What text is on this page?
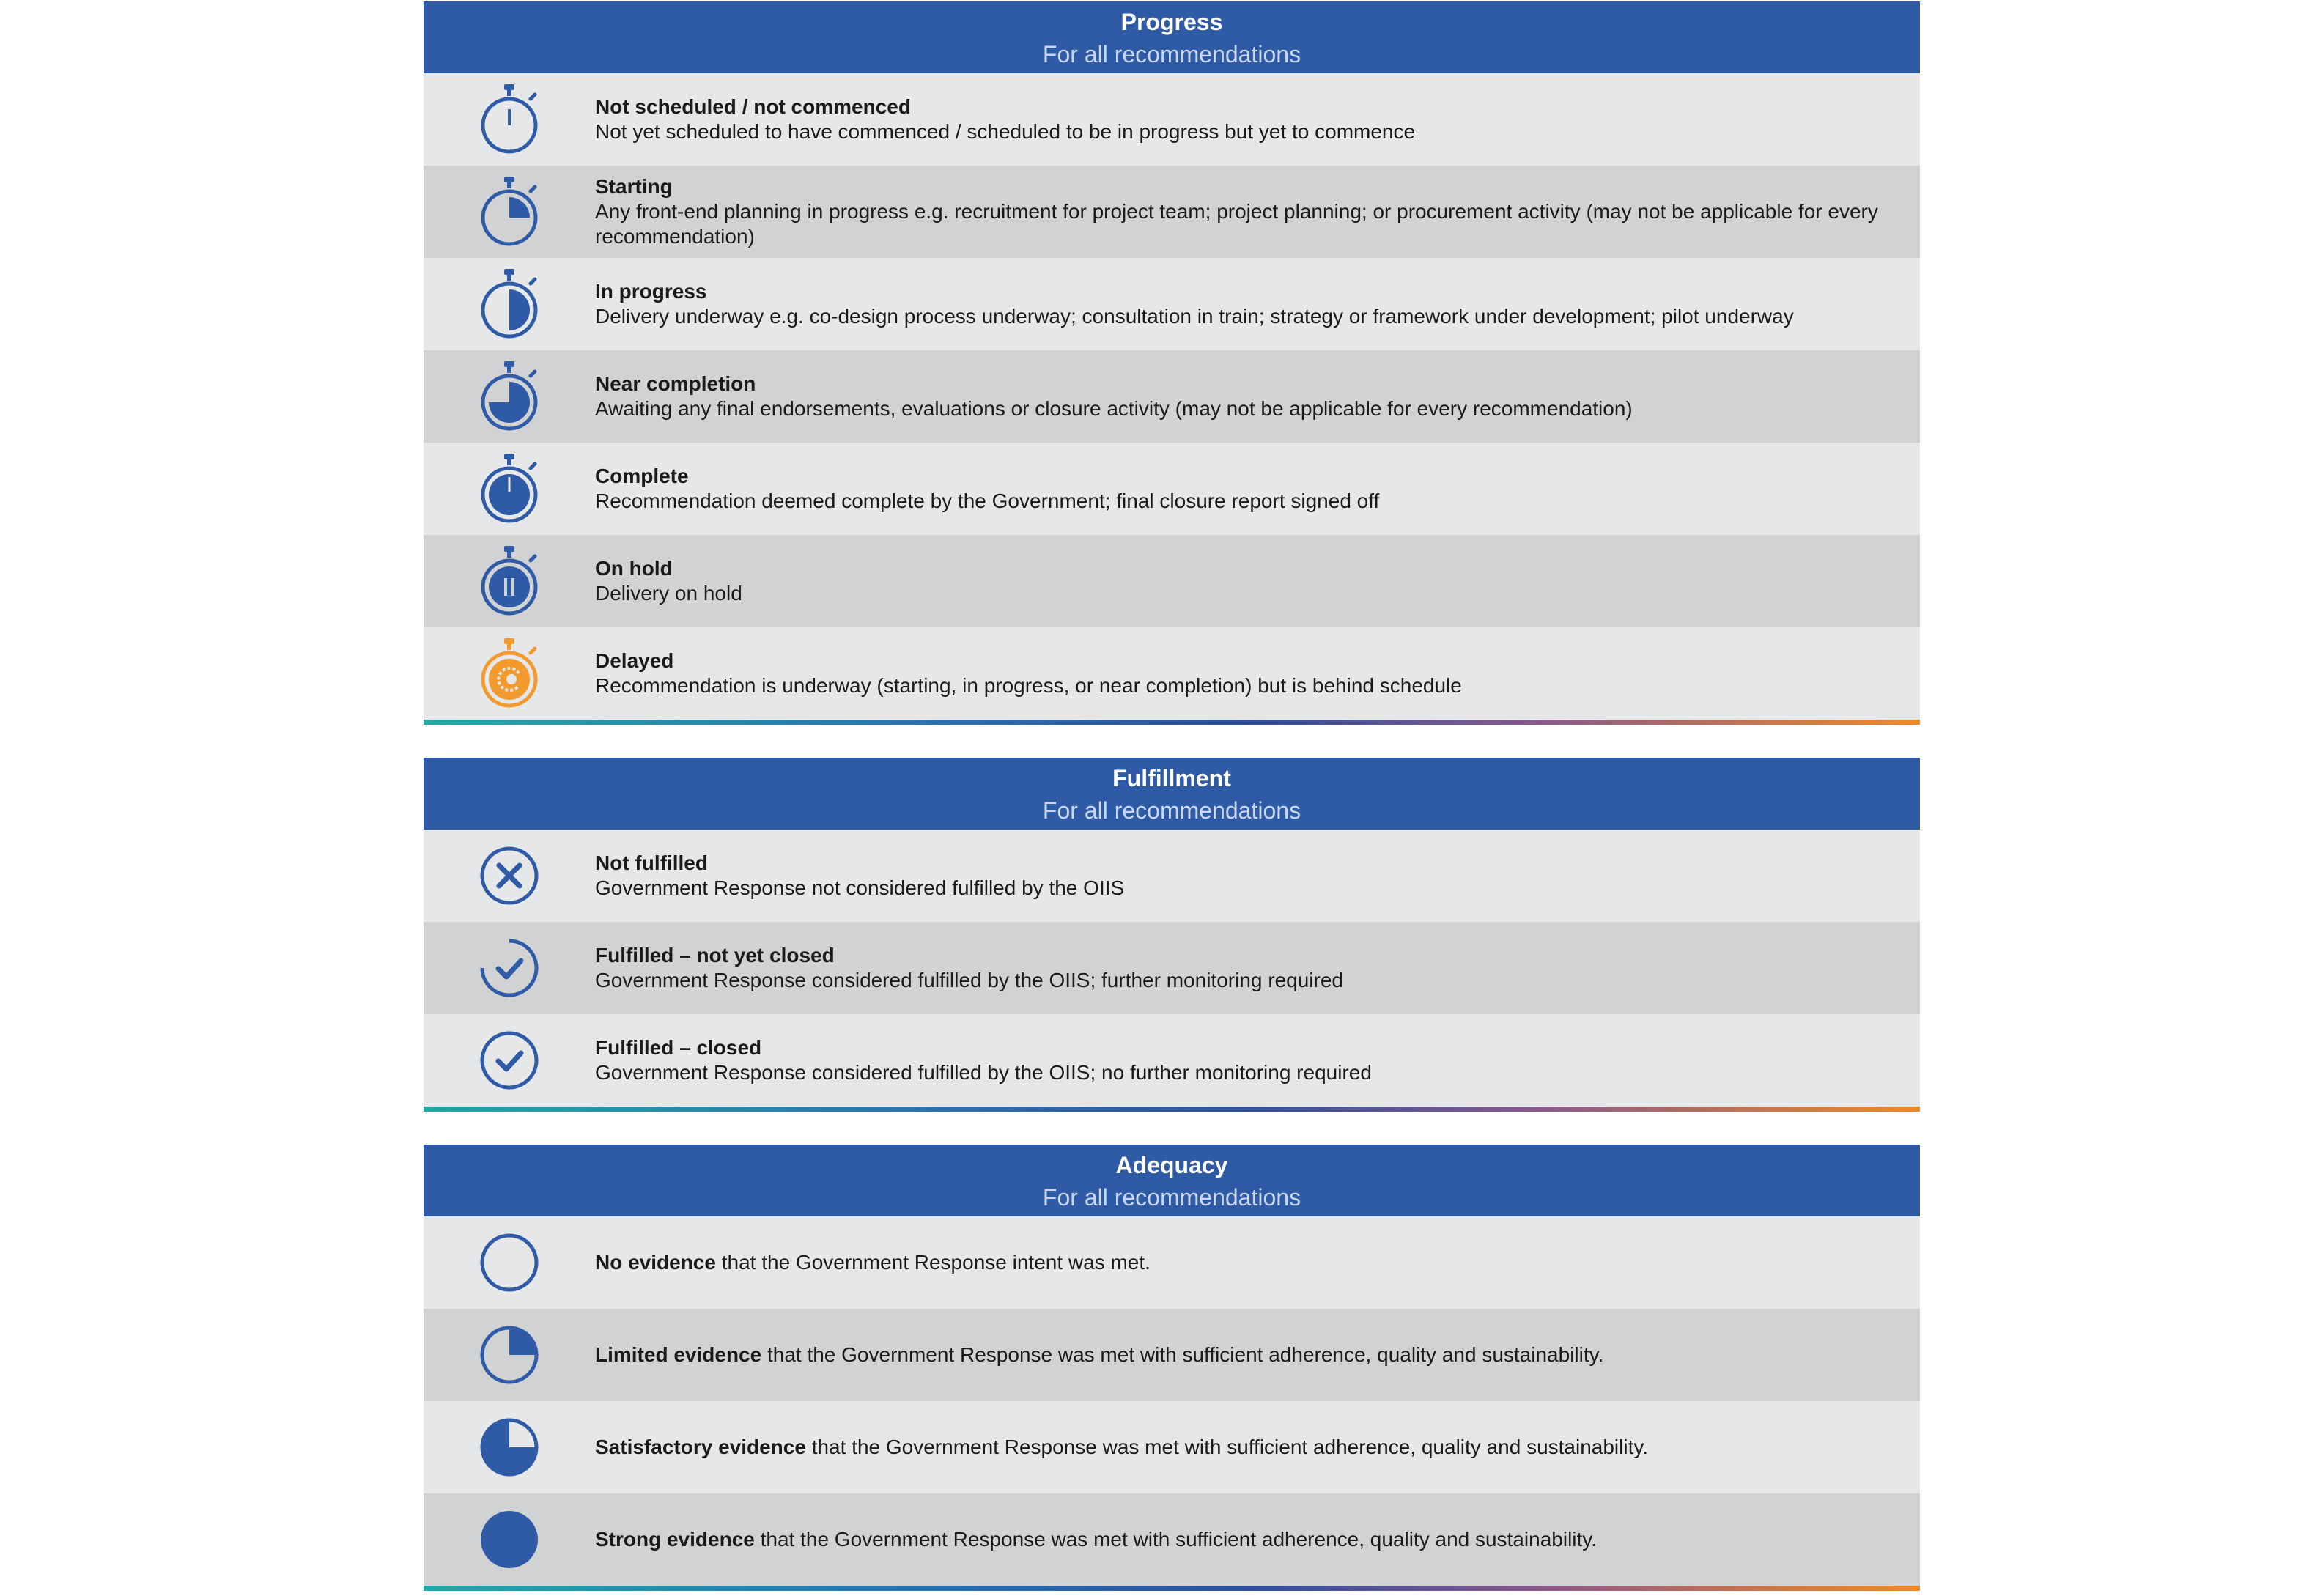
Progress
For all recommendations
Not scheduled / not commenced
Not yet scheduled to have commenced / scheduled to be in progress but yet to commence
Starting
Any front-end planning in progress e.g. recruitment for project team; project planning; or procurement activity (may not be applicable for every recommendation)
In progress
Delivery underway e.g. co-design process underway; consultation in train; strategy or framework under development; pilot underway
Near completion
Awaiting any final endorsements, evaluations or closure activity (may not be applicable for every recommendation)
Complete
Recommendation deemed complete by the Government; final closure report signed off
On hold
Delivery on hold
Delayed
Recommendation is underway (starting, in progress, or near completion) but is behind schedule
Fulfillment
For all recommendations
Not fulfilled
Government Response not considered fulfilled by the OIIS
Fulfilled – not yet closed
Government Response considered fulfilled by the OIIS; further monitoring required
Fulfilled – closed
Government Response considered fulfilled by the OIIS; no further monitoring required
Adequacy
For all recommendations
No evidence that the Government Response intent was met.
Limited evidence that the Government Response was met with sufficient adherence, quality and sustainability.
Satisfactory evidence that the Government Response was met with sufficient adherence, quality and sustainability.
Strong evidence that the Government Response was met with sufficient adherence, quality and sustainability.
